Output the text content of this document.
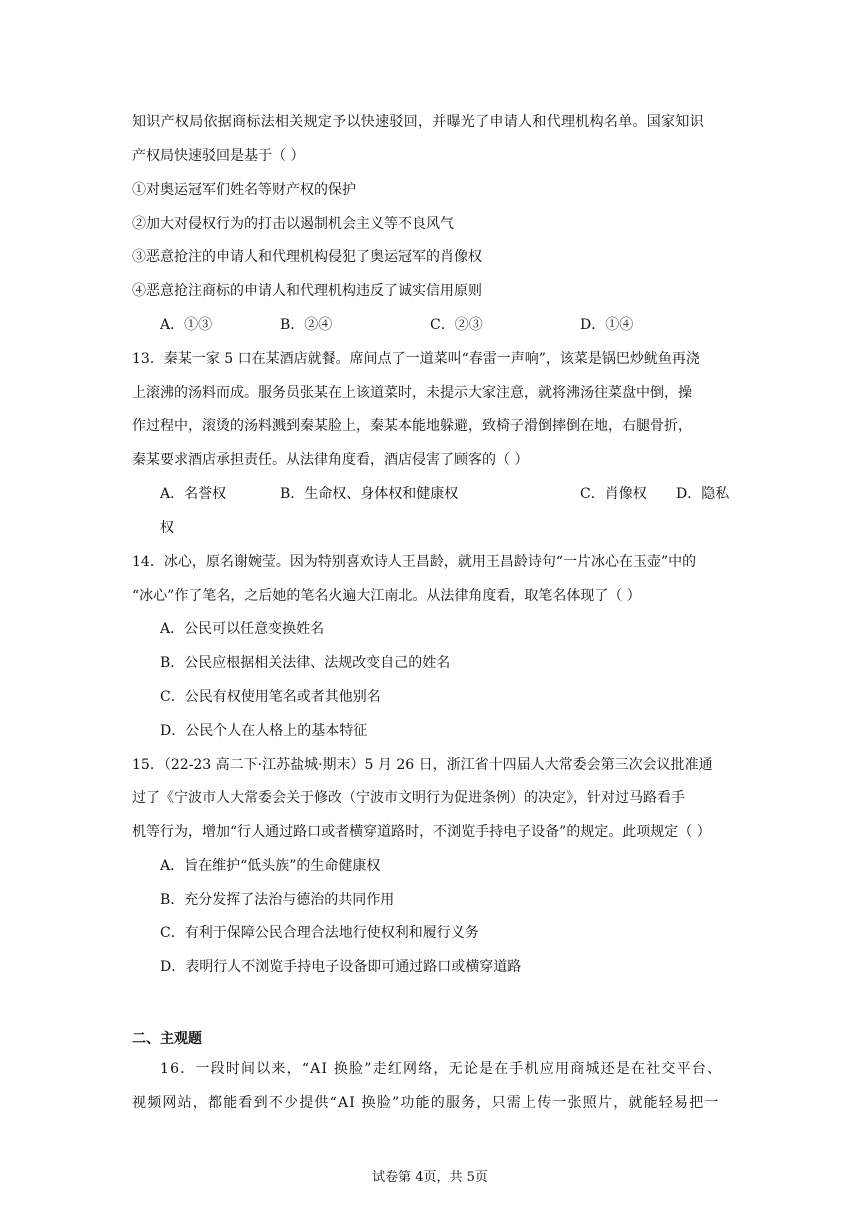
知识产权局依据商标法相关规定予以快速驳回，并曝光了申请人和代理机构名单。国家知识
产权局快速驳回是基于（ ）
①对奥运冠军们姓名等财产权的保护
②加大对侵权行为的打击以遏制机会主义等不良风气
③恶意抢注的申请人和代理机构侵犯了奥运冠军的肖像权
④恶意抢注商标的申请人和代理机构违反了诚实信用原则
A．①③	B．②④	C．②③	D．①④
13．秦某一家 5 口在某酒店就餐。席间点了一道菜叫“春雷一声响”，该菜是锅巴炒鱿鱼再浇
上滚沸的汤料而成。服务员张某在上该道菜时，未提示大家注意，就将沸汤往菜盘中倒，操
作过程中，滚烫的汤料溅到秦某脸上，秦某本能地躲避，致椅子滑倒摔倒在地，右腿骨折，
秦某要求酒店承担责任。从法律角度看，酒店侵害了顾客的（ ）
A．名誉权	B．生命权、身体权和健康权	C．肖像权 D．隐私
权
14．冰心，原名谢婉莹。因为特别喜欢诗人王昌龄，就用王昌龄诗句“一片冰心在玉壶”中的
“冰心”作了笔名，之后她的笔名火遍大江南北。从法律角度看，取笔名体现了（ ）
A．公民可以任意变换姓名
B．公民应根据相关法律、法规改变自己的姓名
C．公民有权使用笔名或者其他别名
D．公民个人在人格上的基本特征
15．（22-23 高二下·江苏盐城·期末）5 月 26 日，浙江省十四届人大常委会第三次会议批准通
过了《宁波市人大常委会关于修改（宁波市文明行为促进条例）的决定》，针对过马路看手
机等行为，增加“行人通过路口或者横穿道路时，不浏览手持电子设备”的规定。此项规定（ ）
A．旨在维护“低头族”的生命健康权
B．充分发挥了法治与德治的共同作用
C．有利于保障公民合理合法地行使权利和履行义务
D．表明行人不浏览手持电子设备即可通过路口或横穿道路
二、主观题
16．一段时间以来，“AI 换脸”走红网络，无论是在手机应用商城还是在社交平台、
视频网站，都能看到不少提供“AI 换脸”功能的服务，只需上传一张照片，就能轻易把一
试卷第 4页，共 5页
